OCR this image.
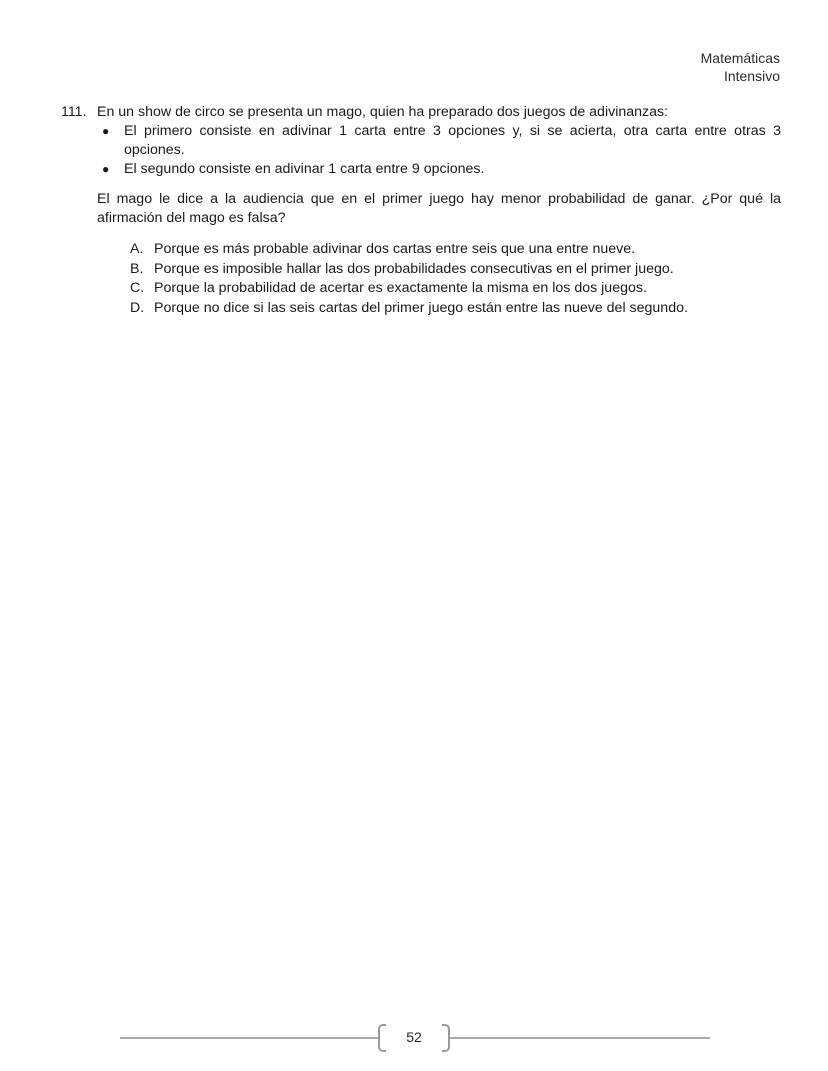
Matemáticas
Intensivo
111. En un show de circo se presenta un mago, quien ha preparado dos juegos de adivinanzas:
●	El primero consiste en adivinar 1 carta entre 3 opciones y, si se acierta, otra carta entre otras 3 opciones.
●	El segundo consiste en adivinar 1 carta entre 9 opciones.
El mago le dice a la audiencia que en el primer juego hay menor probabilidad de ganar. ¿Por qué la afirmación del mago es falsa?
A. Porque es más probable adivinar dos cartas entre seis que una entre nueve.
B. Porque es imposible hallar las dos probabilidades consecutivas en el primer juego.
C. Porque la probabilidad de acertar es exactamente la misma en los dos juegos.
D. Porque no dice si las seis cartas del primer juego están entre las nueve del segundo.
52
